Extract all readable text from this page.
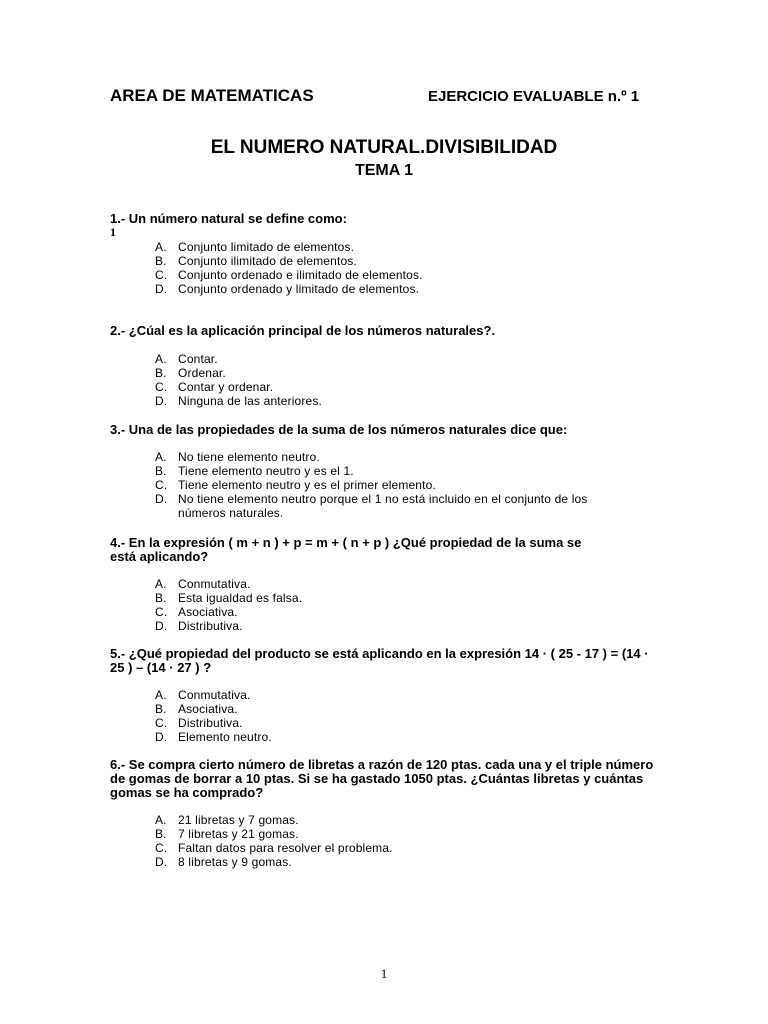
AREA DE MATEMATICAS	EJERCICIO EVALUABLE n.º 1
EL NUMERO NATURAL.DIVISIBILIDAD
TEMA 1

1.- Un número natural se define como:

1

A. Conjunto limitado de elementos.
B. Conjunto ilimitado de elementos.
C. Conjunto ordenado e ilimitado de elementos.
D. Conjunto ordenado y limitado de elementos.

2.- ¿Cúal es la aplicación principal de los números naturales?.

A. Contar.
B. Ordenar.
C. Contar y ordenar.
D. Ninguna de las anteriores.

3.- Una de las propiedades de la suma de los números naturales dice que:

A. No tiene elemento neutro.
B. Tiene elemento neutro y es el 1.
C. Tiene elemento neutro y es el primer elemento.
D. No tiene elemento neutro porque el 1 no está incluido en el conjunto de los números naturales.

4.- En la expresión ( m + n ) + p = m + ( n + p ) ¿Qué propiedad de la suma se está aplicando?

A. Conmutativa.
B. Esta igualdad es falsa.
C. Asociativa.
D. Distributiva.

5.- ¿Qué propiedad del producto se está aplicando en la expresión 14 · ( 25 - 17 ) = (14 · 25 ) – (14 · 27 ) ?

A. Conmutativa.
B. Asociativa.
C. Distributiva.
D. Elemento neutro.

6.- Se compra cierto número de libretas a razón de 120 ptas. cada una y el triple número de gomas de borrar a 10 ptas. Si se ha gastado 1050 ptas. ¿Cuántas libretas y cuántas gomas se ha comprado?

A. 21 libretas y 7 gomas.
B. 7 libretas y 21 gomas.
C. Faltan datos para resolver el problema.
D. 8 libretas y 9 gomas.
1
